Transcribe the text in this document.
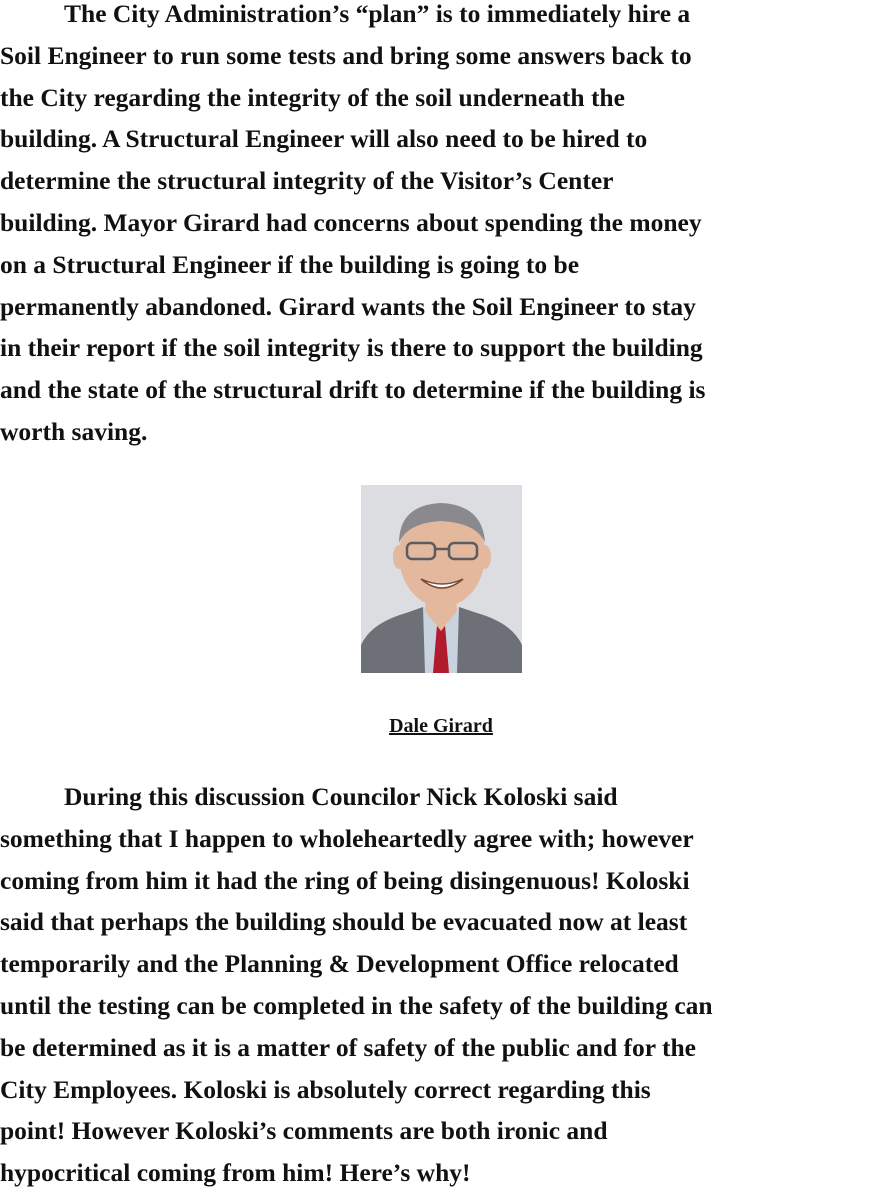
The City Administration’s “plan” is to immediately hire a
Soil Engineer to run some tests and bring some answers back to
the City regarding the integrity of the soil underneath the
building. A Structural Engineer will also need to be hired to
determine the structural integrity of the Visitor’s Center
building. Mayor Girard had concerns about spending the money
on a Structural Engineer if the building is going to be
permanently abandoned. Girard wants the Soil Engineer to stay
in their report if the soil integrity is there to support the building
and the state of the structural drift to determine if the building is
worth saving.

Dale Girard

During this discussion Councilor Nick Koloski said
something that I happen to wholeheartedly agree with; however
coming from him it had the ring of being disingenuous! Koloski
said that perhaps the building should be evacuated now at least
temporarily and the Planning & Development Office relocated
until the testing can be completed in the safety of the building can
be determined as it is a matter of safety of the public and for the
City Employees. Koloski is absolutely correct regarding this
point! However Koloski’s comments are both ironic and
hypocritical coming from him! Here’s why!
